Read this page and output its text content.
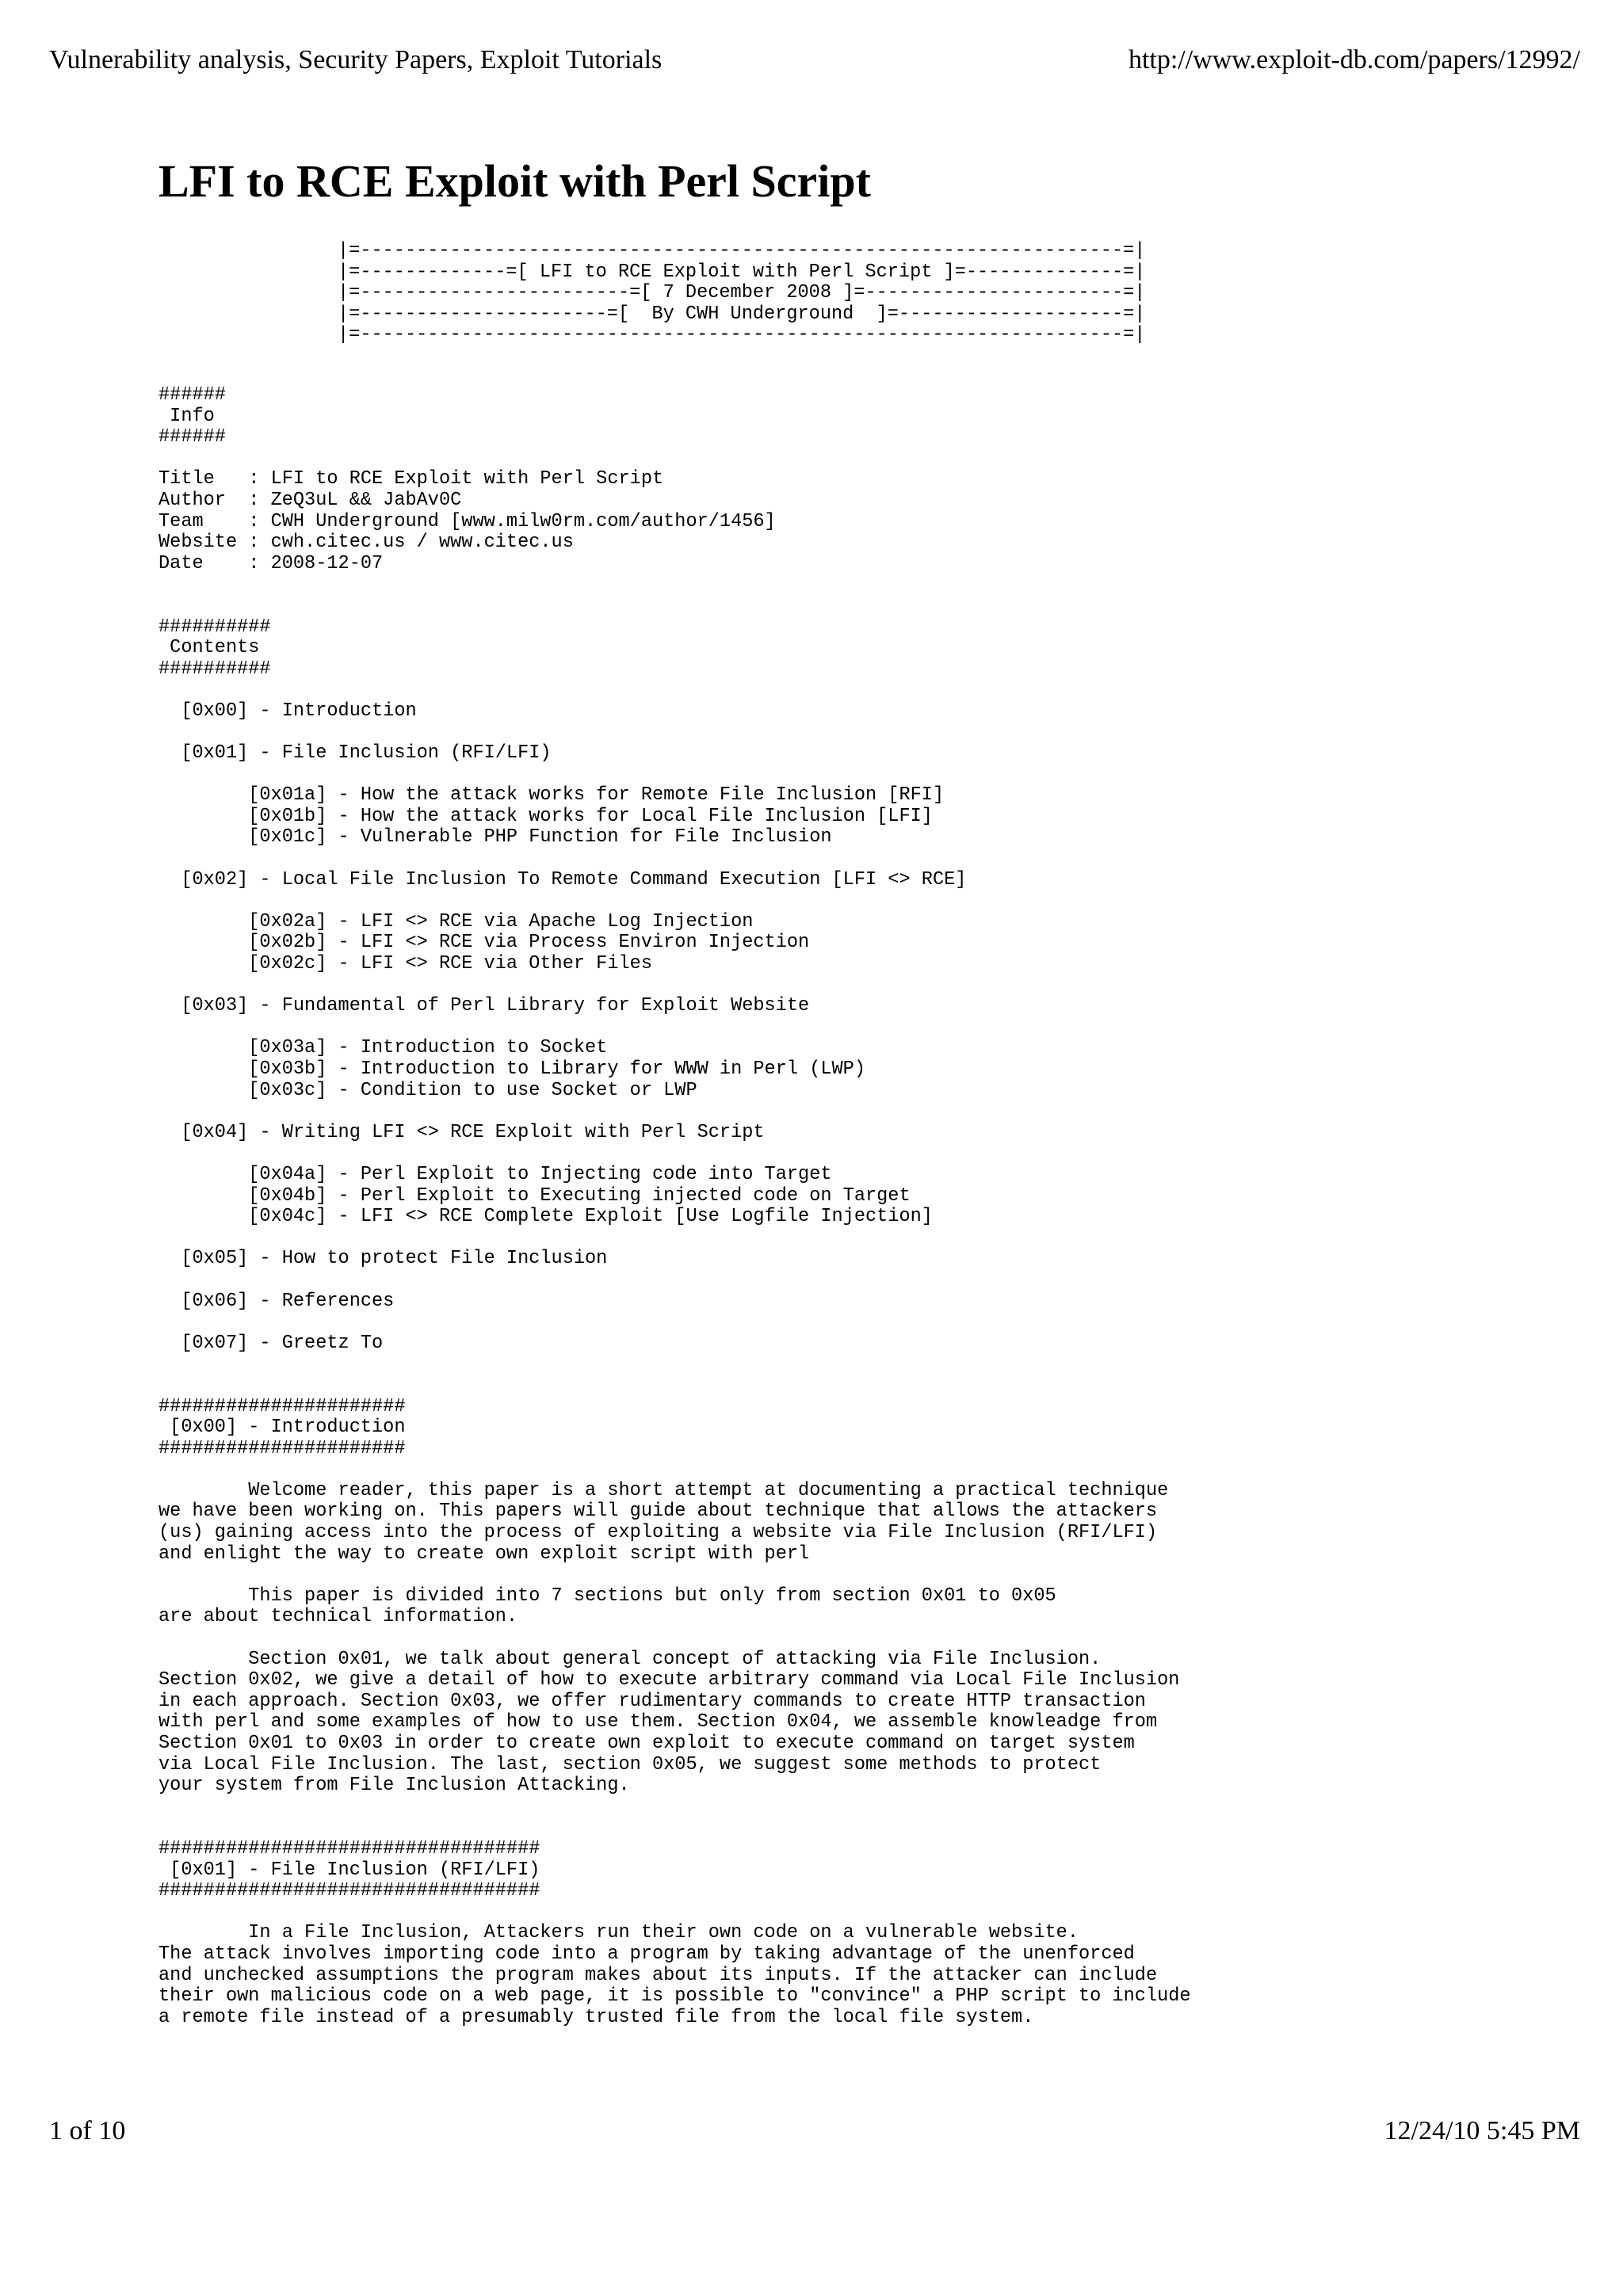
Vulnerability analysis, Security Papers, Exploit Tutorials	http://www.exploit-db.com/papers/12992/
LFI to RCE Exploit with Perl Script
|=--------------------------------------------------------------------=|
|=-------------=[ LFI to RCE Exploit with Perl Script ]=--------------=|
|=------------------------=[ 7 December 2008 ]=-----------------------=|
|=----------------------=[  By CWH Underground  ]=--------------------=|
|=--------------------------------------------------------------------=|
######
Info
######

Title   : LFI to RCE Exploit with Perl Script
Author  : ZeQ3uL && JabAv0C
Team    : CWH Underground [www.milw0rm.com/author/1456]
Website : cwh.citec.us / www.citec.us
Date    : 2008-12-07

##########
Contents
##########

[0x00] - Introduction

[0x01] - File Inclusion (RFI/LFI)

[0x01a] - How the attack works for Remote File Inclusion [RFI]
[0x01b] - How the attack works for Local File Inclusion [LFI]
[0x01c] - Vulnerable PHP Function for File Inclusion

[0x02] - Local File Inclusion To Remote Command Execution [LFI <> RCE]

[0x02a] - LFI <> RCE via Apache Log Injection
[0x02b] - LFI <> RCE via Process Environ Injection
[0x02c] - LFI <> RCE via Other Files

[0x03] - Fundamental of Perl Library for Exploit Website

[0x03a] - Introduction to Socket
[0x03b] - Introduction to Library for WWW in Perl (LWP)
[0x03c] - Condition to use Socket or LWP

[0x04] - Writing LFI <> RCE Exploit with Perl Script

[0x04a] - Perl Exploit to Injecting code into Target
[0x04b] - Perl Exploit to Executing injected code on Target
[0x04c] - LFI <> RCE Complete Exploit [Use Logfile Injection]

[0x05] - How to protect File Inclusion

[0x06] - References

[0x07] - Greetz To

######################
[0x00] - Introduction
######################

Welcome reader, this paper is a short attempt at documenting a practical technique
we have been working on. This papers will guide about technique that allows the attackers
(us) gaining access into the process of exploiting a website via File Inclusion (RFI/LFI)
and enlight the way to create own exploit script with perl

This paper is divided into 7 sections but only from section 0x01 to 0x05
are about technical information.

Section 0x01, we talk about general concept of attacking via File Inclusion.
Section 0x02, we give a detail of how to execute arbitrary command via Local File Inclusion
in each approach. Section 0x03, we offer rudimentary commands to create HTTP transaction
with perl and some examples of how to use them. Section 0x04, we assemble knowleadge from
Section 0x01 to 0x03 in order to create own exploit to execute command on target system
via Local File Inclusion. The last, section 0x05, we suggest some methods to protect
your system from File Inclusion Attacking.

##################################
[0x01] - File Inclusion (RFI/LFI)
##################################

In a File Inclusion, Attackers run their own code on a vulnerable website.
The attack involves importing code into a program by taking advantage of the unenforced
and unchecked assumptions the program makes about its inputs. If the attacker can include
their own malicious code on a web page, it is possible to "convince" a PHP script to include
a remote file instead of a presumably trusted file from the local file system.
1 of 10	12/24/10 5:45 PM
